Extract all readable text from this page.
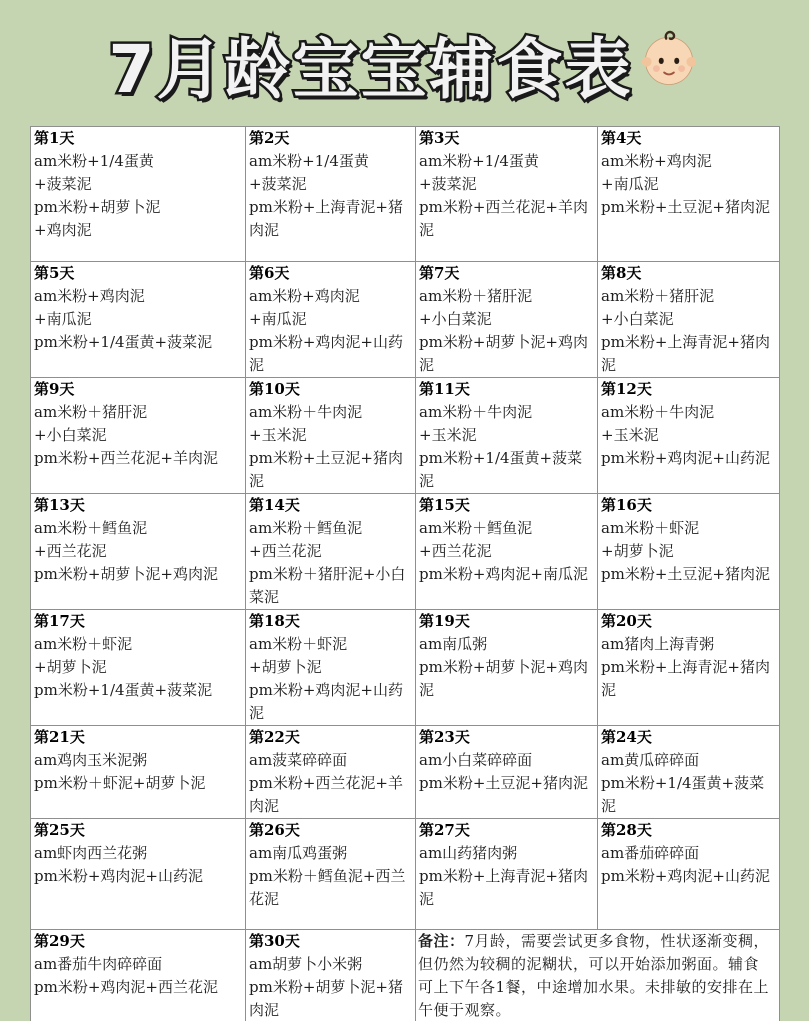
7月龄宝宝辅食表
第1天
am米粉+1/4蛋黄
+菠菜泥
pm米粉+胡萝卜泥
+鸡肉泥	第2天
am米粉+1/4蛋黄
+菠菜泥
pm米粉+上海青泥+猪
肉泥	第3天
am米粉+1/4蛋黄
+菠菜泥
pm米粉+西兰花泥+羊肉
泥	第4天
am米粉+鸡肉泥
+南瓜泥
pm米粉+土豆泥+猪肉泥

第5天
am米粉+鸡肉泥
+南瓜泥
pm米粉+1/4蛋黄+菠菜泥	第6天
am米粉+鸡肉泥
+南瓜泥
pm米粉+鸡肉泥+山药
泥	第7天
am米粉＋猪肝泥
+小白菜泥
pm米粉+胡萝卜泥+鸡肉
泥	第8天
am米粉＋猪肝泥
+小白菜泥
pm米粉+上海青泥+猪肉
泥

第9天
am米粉＋猪肝泥
+小白菜泥
pm米粉+西兰花泥+羊肉泥	第10天
am米粉＋牛肉泥
+玉米泥
pm米粉+土豆泥+猪肉
泥	第11天
am米粉＋牛肉泥
+玉米泥
pm米粉+1/4蛋黄+菠菜泥	第12天
am米粉＋牛肉泥
+玉米泥
pm米粉+鸡肉泥+山药泥

第13天
am米粉＋鳕鱼泥
+西兰花泥
pm米粉+胡萝卜泥+鸡肉泥	第14天
am米粉＋鳕鱼泥
+西兰花泥
pm米粉＋猪肝泥+小白
菜泥	第15天
am米粉＋鳕鱼泥
+西兰花泥
pm米粉+鸡肉泥+南瓜泥	第16天
am米粉＋虾泥
+胡萝卜泥
pm米粉+土豆泥+猪肉泥

第17天
am米粉＋虾泥
+胡萝卜泥
pm米粉+1/4蛋黄+菠菜泥	第18天
am米粉＋虾泥
+胡萝卜泥
pm米粉+鸡肉泥+山药
泥	第19天
am南瓜粥
pm米粉+胡萝卜泥+鸡肉
泥	第20天
am猪肉上海青粥
pm米粉+上海青泥+猪肉
泥

第21天
am鸡肉玉米泥粥
pm米粉＋虾泥+胡萝卜泥	第22天
am菠菜碎碎面
pm米粉+西兰花泥+羊
肉泥	第23天
am小白菜碎碎面
pm米粉+土豆泥+猪肉泥	第24天
am黄瓜碎碎面
pm米粉+1/4蛋黄+菠菜
泥

第25天
am虾肉西兰花粥
pm米粉+鸡肉泥+山药泥	第26天
am南瓜鸡蛋粥
pm米粉＋鳕鱼泥+西兰
花泥	第27天
am山药猪肉粥
pm米粉+上海青泥+猪肉
泥	第28天
am番茄碎碎面
pm米粉+鸡肉泥+山药泥

第29天
am番茄牛肉碎碎面
pm米粉+鸡肉泥+西兰花泥	第30天
am胡萝卜小米粥
pm米粉+胡萝卜泥+猪
肉泥	备注：7月龄，需要尝试更多食物，性状逐渐变稠，但仍然为较稠的泥糊状，可以开始添加粥面。辅食可上下午各1餐，中途增加水果。未排敏的安排在上午便于观察。	
